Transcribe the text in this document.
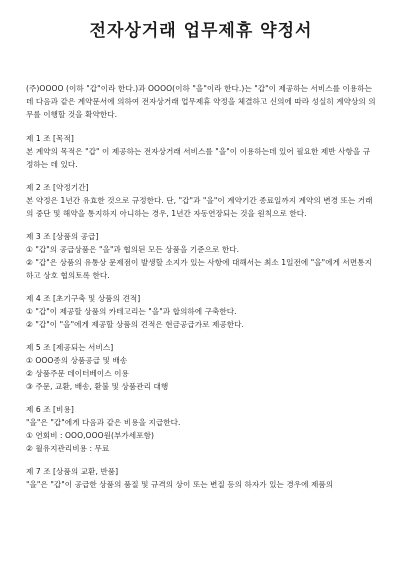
전자상거래 업무제휴 약정서

(주)OOOO (이하 "갑"이라 한다.)과 OOOO(이하 "을"이라 한다.)는 "갑"이 제공하는 서비스를 이용하는데 다음과 같은 계약문서에 의하여 전자상거래 업무제휴 약정을 체결하고 신의에 따라 성실히 계약상의 의무를 이행할 것을 확약한다.

제 1 조 [목적]

본 계약의 목적은 "갑" 이 제공하는 전자상거래 서비스를 "을"이 이용하는데 있어 필요한 제반 사항을 규정하는 데 있다.

제 2 조 [약정기간]

본 약정은 1년간 유효한 것으로 규정한다. 단, "갑"과 "을"이 계약기간 종료일까지 계약의 변경 또는 거래의 중단 및 해약을 통지하지 아니하는 경우, 1년간 자동연장되는 것을 원칙으로 한다.

제 3 조 [상품의 공급]

① "갑"의 공급상품은 "을"과 협의된 모든 상품을 기준으로 한다.

② "갑"은 상품의 유통상 문제점이 발생할 소지가 있는 사항에 대해서는 최소 1일전에 "을"에게 서면통지하고 상호 협의토록 한다.

제 4 조 [초기구축 및 상품의 견적]

① "갑"이 제공할 상품의 카테고리는 "을"과 합의하에 구축한다.

② "갑"이 "을"에게 제공할 상품의 견적은 현금공급가로 제공한다.

제 5 조 [제공되는 서비스]

① OOO종의 상품공급 및 배송

② 상품주문 데이터베이스 이용

③ 주문, 교환, 배송, 환불 및 상품관리 대행

제 6 조 [비용]

"을"은 "갑"에게 다음과 같은 비용을 지급한다.

① 연회비 : OOO,OOO원(부가세포함)

② 월유지관리비용 : 무료

제 7 조 [상품의 교환, 반품]

"을"은 "갑"이 공급한 상품의 품질 및 규격의 상이 또는 변질 등의 하자가 있는 경우에 제품의
